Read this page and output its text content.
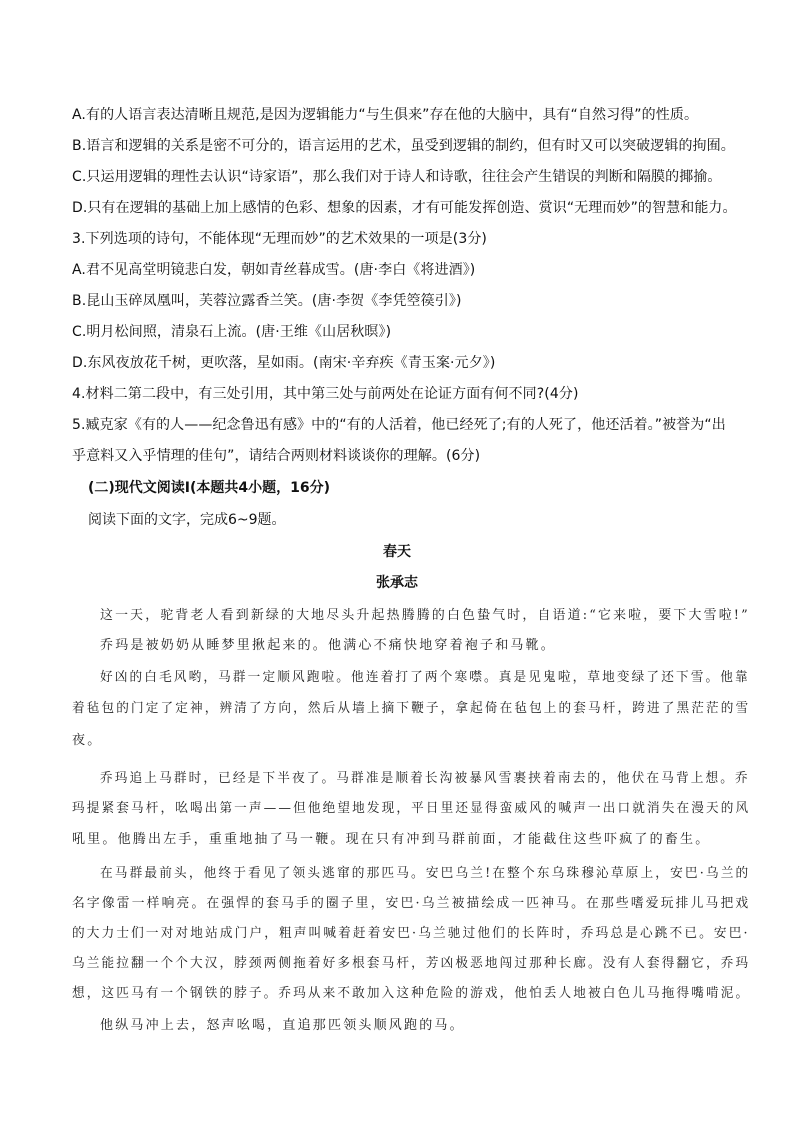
A.有的人语言表达清晰且规范,是因为逻辑能力“与生俱来”存在他的大脑中，具有“自然习得”的性质。
B.语言和逻辑的关系是密不可分的，语言运用的艺术，虽受到逻辑的制约，但有时又可以突破逻辑的拘囿。
C.只运用逻辑的理性去认识“诗家语”，那么我们对于诗人和诗歌，往往会产生错误的判断和隔膜的揶揄。
D.只有在逻辑的基础上加上感情的色彩、想象的因素，才有可能发挥创造、赏识“无理而妙”的智慧和能力。
3.下列选项的诗句，不能体现“无理而妙”的艺术效果的一项是(3分)
A.君不见高堂明镜悲白发，朝如青丝暮成雪。(唐·李白《将进酒》)
B.昆山玉碎凤凰叫，芙蓉泣露香兰笑。(唐·李贺《李凭箜篌引》)
C.明月松间照，清泉石上流。(唐·王维《山居秋暝》)
D.东风夜放花千树，更吹落，星如雨。(南宋·辛弃疾《青玉案·元夕》)
4.材料二第二段中，有三处引用，其中第三处与前两处在论证方面有何不同?(4分)
5.臧克家《有的人——纪念鲁迅有感》中的“有的人活着，他已经死了;有的人死了，他还活着。”被誉为“出
乎意料又入乎情理的佳句”，请结合两则材料谈谈你的理解。(6分)
(二)现代文阅读Ⅰ(本题共4小题，16分)
阅读下面的文字，完成6~9题。
春天
张承志
这一天，驼背老人看到新绿的大地尽头升起热腾腾的白色蛰气时，自语道:“它来啦，要下大雪啦!”
乔玛是被奶奶从睡梦里揪起来的。他满心不痛快地穿着袍子和马靴。
好凶的白毛风哟，马群一定顺风跑啦。他连着打了两个寒噤。真是见鬼啦，草地变绿了还下雪。他靠
着毡包的门定了定神，辨清了方向，然后从墙上摘下鞭子，拿起倚在毡包上的套马杆，跨进了黑茫茫的雪
夜。
乔玛追上马群时，已经是下半夜了。马群准是顺着长沟被暴风雪裹挟着南去的，他伏在马背上想。乔
玛提紧套马杆，吆喝出第一声——但他绝望地发现，平日里还显得蛮威风的喊声一出口就消失在漫天的风
吼里。他腾出左手，重重地抽了马一鞭。现在只有冲到马群前面，才能截住这些吓疯了的畜生。
在马群最前头，他终于看见了领头逃窜的那匹马。安巴乌兰!在整个东乌珠穆沁草原上，安巴·乌兰的
名字像雷一样响亮。在强悍的套马手的圈子里，安巴·乌兰被描绘成一匹神马。在那些嗜爱玩排儿马把戏
的大力士们一对对地站成门户，粗声叫喊着赶着安巴·乌兰驰过他们的长阵时，乔玛总是心跳不已。安巴·
乌兰能拉翻一个个大汉，脖颈两侧拖着好多根套马杆，芳凶极恶地闯过那种长廊。没有人套得翻它，乔玛
想，这匹马有一个钢铁的脖子。乔玛从来不敢加入这种危险的游戏，他怕丢人地被白色儿马拖得嘴啃泥。
他纵马冲上去，怒声吆喝，直追那匹领头顺风跑的马。
